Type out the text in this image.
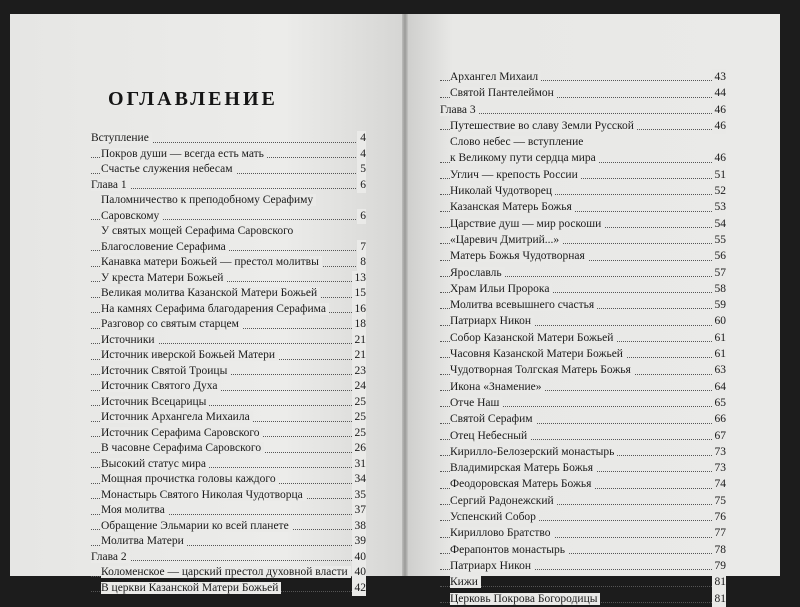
ОГЛАВЛЕНИЕ
Вступление	4
Покров души — всегда есть мать	4
Счастье служения небесам	5
Глава 1	6
Паломничество к преподобному Серафиму
Саровскому	6
У святых мощей Серафима Саровского
Благословение Серафима	7
Канавка матери Божьей — престол молитвы	8
У креста Матери Божьей	13
Великая молитва Казанской Матери Божьей	15
На камнях Серафима благодарения Серафима 16
Разговор со святым старцем	18
Источники	21
Источник иверской Божьей Матери	21
Источник Святой Троицы	23
Источник Святого Духа	24
Источник Всецарицы	25
Источник Архангела Михаила	25
Источник Серафима Саровского	25
В часовне Серафима Саровского	26
Высокий статус мира	31
Мощная прочистка головы каждого	34
Монастырь Святого Николая Чудотворца	35
Моя молитва	37
Обращение Эльмарии ко всей планете	38
Молитва Матери	39
Глава 2	40
Коломенское — царский престол духовной власти 40
В церкви Казанской Матери Божьей	42
Архангел Михаил	43
Святой Пантелеймон	44
Глава 3	46
Путешествие во славу Земли Русской	46
Слово небес — вступление
к Великому пути сердца мира	46
Углич — крепость России	51
Николай Чудотворец	52
Казанская Матерь Божья	53
Царствие душ — мир роскоши	54
«Царевич Дмитрий...»	55
Матерь Божья Чудотворная	56
Ярославль	57
Храм Ильи Пророка	58
Молитва всевышнего счастья	59
Патриарх Никон	60
Собор Казанской Матери Божьей	61
Часовня Казанской Матери Божьей	61
Чудотворная Толгская Матерь Божья	63
Икона «Знамение»	64
Отче Наш	65
Святой Серафим	66
Отец Небесный	67
Кирилло-Белозерский монастырь	73
Владимирская Матерь Божья	73
Феодоровская Матерь Божья	74
Сергий Радонежский	75
Успенский Собор	76
Кириллово Братство	77
Ферапонтов монастырь	78
Патриарх Никон	79
Кижи	81
Церковь Покрова Богородицы	81
